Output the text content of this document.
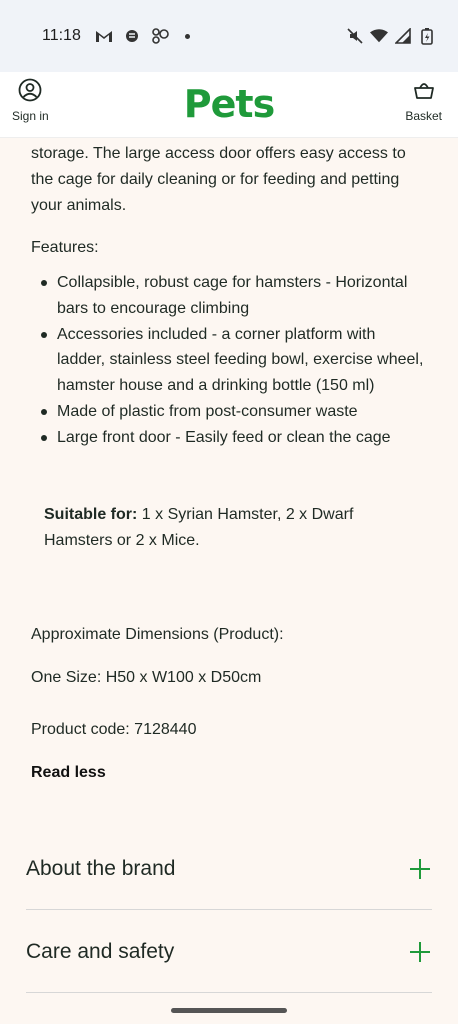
11:18
Sign in	Pets	Basket
storage. The large access door offers easy access to the cage for daily cleaning or for feeding and petting your animals.
Features:
Collapsible, robust cage for hamsters - Horizontal bars to encourage climbing
Accessories included - a corner platform with ladder, stainless steel feeding bowl, exercise wheel, hamster house and a drinking bottle (150 ml)
Made of plastic from post-consumer waste
Large front door - Easily feed or clean the cage
Suitable for: 1 x Syrian Hamster, 2 x Dwarf Hamsters or 2 x Mice.
Approximate Dimensions (Product):
One Size: H50 x W100 x D50cm
Product code: 7128440
Read less
About the brand
Care and safety
